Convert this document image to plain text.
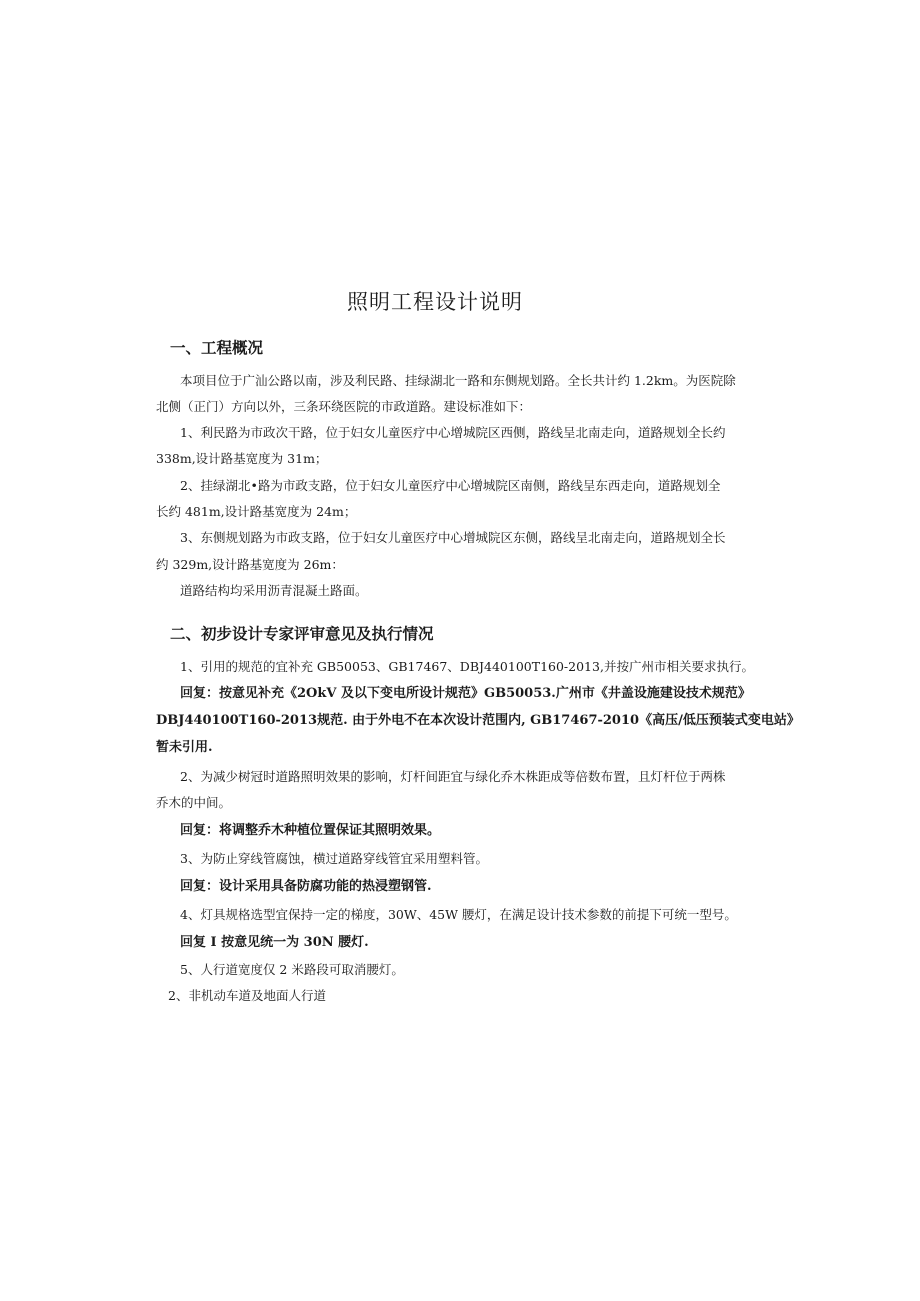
照明工程设计说明
一、工程概况
本项目位于广汕公路以南，涉及利民路、挂绿湖北一路和东侧规划路。全长共计约 1.2km。为医院除
北侧（正门）方向以外，三条环绕医院的市政道路。建设标准如下：
1、利民路为市政次干路，位于妇女儿童医疗中心增城院区西侧，路线呈北南走向，道路规划全长约
338m,设计路基宽度为 31m；
2、挂绿湖北•路为市政支路，位于妇女儿童医疗中心增城院区南侧，路线呈东西走向，道路规划全
长约 481m,设计路基宽度为 24m；
3、东侧规划路为市政支路，位于妇女儿童医疗中心增城院区东侧，路线呈北南走向，道路规划全长
约 329m,设计路基宽度为 26m：
道路结构均采用沥青混凝土路面。
二、初步设计专家评审意见及执行情况
1、引用的规范的宜补充 GB50053、GB17467、DBJ440100T160-2013,并按广州市相关要求执行。
回复：按意见补充《2OkV 及以下变电所设计规范》GB50053.广州市《井盖设施建设技术规范》
DBJ440100T160-2013规范. 由于外电不在本次设计范围内, GB17467-2010《高压/低压预装式变电站》
暂未引用.
2、为减少树冠时道路照明效果的影响，灯杆间距宜与绿化乔木株距成等倍数布置，且灯杆位于两株
乔木的中间。
回复：将调整乔木种植位置保证其照明效果。
3、为防止穿线管腐蚀，横过道路穿线管宜采用塑料管。
回复：设计采用具备防腐功能的热浸塑钢管.
4、灯具规格选型宜保持一定的梯度，30W、45W 腰灯，在满足设计技术参数的前提下可统一型号。
回复 I 按意见统一为 30N 腰灯.
5、人行道宽度仅 2 米路段可取消腰灯。
2、非机动车道及地面人行道
